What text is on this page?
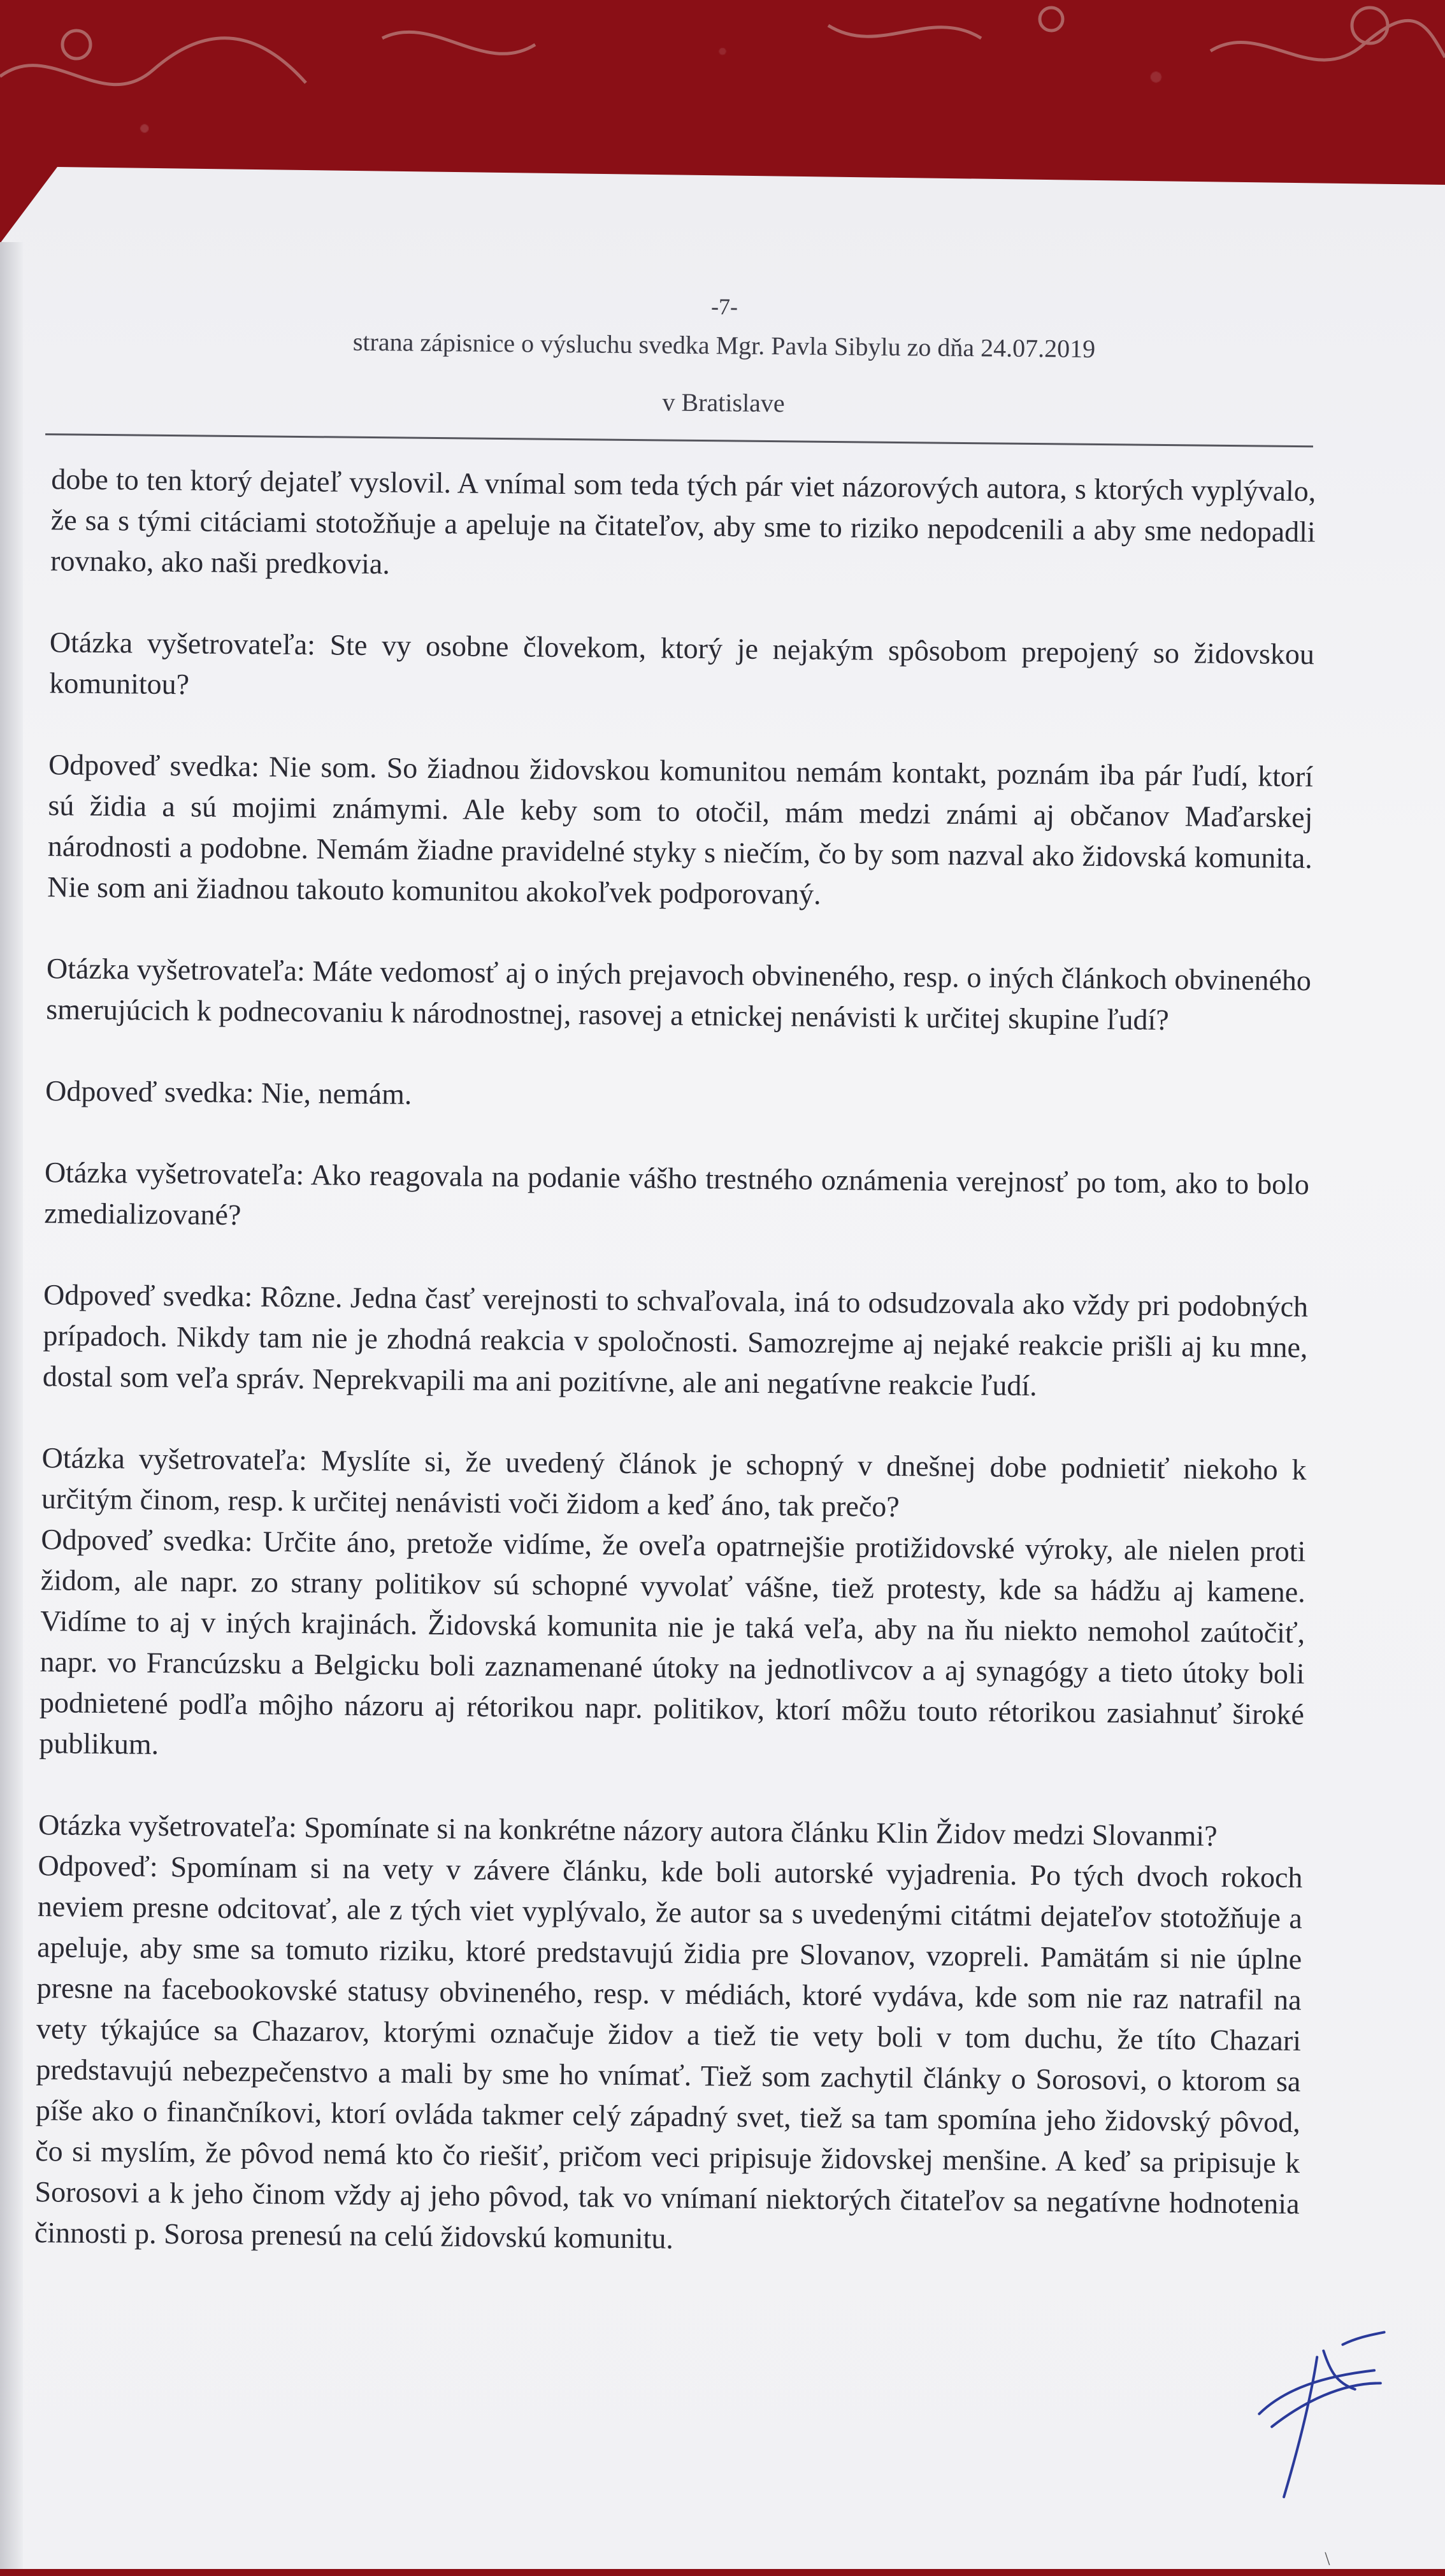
-7-
strana zápisnice o výsluchu svedka Mgr. Pavla Sibylu zo dňa 24.07.2019
v Bratislave

dobe to ten ktorý dejateľ vyslovil. A vnímal som teda tých pár viet názorových autora, s ktorých vyplývalo, že sa s tými citáciami stotožňuje a apeluje na čitateľov, aby sme to riziko nepodcenili a aby sme nedopadli rovnako, ako naši predkovia.

Otázka vyšetrovateľa: Ste vy osobne človekom, ktorý je nejakým spôsobom prepojený so židovskou komunitou?

Odpoveď svedka: Nie som. So žiadnou židovskou komunitou nemám kontakt, poznám iba pár ľudí, ktorí sú židia a sú mojimi známymi. Ale keby som to otočil, mám medzi známi aj občanov Maďarskej národnosti a podobne. Nemám žiadne pravidelné styky s niečím, čo by som nazval ako židovská komunita. Nie som ani žiadnou takouto komunitou akokoľvek podporovaný.

Otázka vyšetrovateľa: Máte vedomosť aj o iných prejavoch obvineného, resp. o iných článkoch obvineného smerujúcich k podnecovaniu k národnostnej, rasovej a etnickej nenávisti k určitej skupine ľudí?

Odpoveď svedka: Nie, nemám.

Otázka vyšetrovateľa: Ako reagovala na podanie vášho trestného oznámenia verejnosť po tom, ako to bolo zmedializované?

Odpoveď svedka: Rôzne. Jedna časť verejnosti to schvaľovala, iná to odsudzovala ako vždy pri podobných prípadoch. Nikdy tam nie je zhodná reakcia v spoločnosti. Samozrejme aj nejaké reakcie prišli aj ku mne, dostal som veľa správ. Neprekvapili ma ani pozitívne, ale ani negatívne reakcie ľudí.

Otázka vyšetrovateľa: Myslíte si, že uvedený článok je schopný v dnešnej dobe podnietiť niekoho k určitým činom, resp. k určitej nenávisti voči židom a keď áno, tak prečo?

Odpoveď svedka: Určite áno, pretože vidíme, že oveľa opatrnejšie protižidovské výroky, ale nielen proti židom, ale napr. zo strany politikov sú schopné vyvolať vášne, tiež protesty, kde sa hádžu aj kamene. Vidíme to aj v iných krajinách. Židovská komunita nie je taká veľa, aby na ňu niekto nemohol zaútočiť, napr. vo Francúzsku a Belgicku boli zaznamenané útoky na jednotlivcov a aj synagógy a tieto útoky boli podnietené podľa môjho názoru aj rétorikou napr. politikov, ktorí môžu touto rétorikou zasiahnuť široké publikum.

Otázka vyšetrovateľa: Spomínate si na konkrétne názory autora článku Klin Židov medzi Slovanmi?

Odpoveď: Spomínam si na vety v závere článku, kde boli autorské vyjadrenia. Po tých dvoch rokoch neviem presne odcitovať, ale z tých viet vyplývalo, že autor sa s uvedenými citátmi dejateľov stotožňuje a apeluje, aby sme sa tomuto riziku, ktoré predstavujú židia pre Slovanov, vzopreli. Pamätám si nie úplne presne na facebookovské statusy obvineného, resp. v médiách, ktoré vydáva, kde som nie raz natrafil na vety týkajúce sa Chazarov, ktorými označuje židov a tiež tie vety boli v tom duchu, že títo Chazari predstavujú nebezpečenstvo a mali by sme ho vnímať. Tiež som zachytil články o Sorosovi, o ktorom sa píše ako o finančníkovi, ktorí ovláda takmer celý západný svet, tiež sa tam spomína jeho židovský pôvod, čo si myslím, že pôvod nemá kto čo riešiť, pričom veci pripisuje židovskej menšine. A keď sa pripisuje k Sorosovi a k jeho činom vždy aj jeho pôvod, tak vo vnímaní niektorých čitateľov sa negatívne hodnotenia činnosti p. Sorosa prenesú na celú židovskú komunitu.

\
